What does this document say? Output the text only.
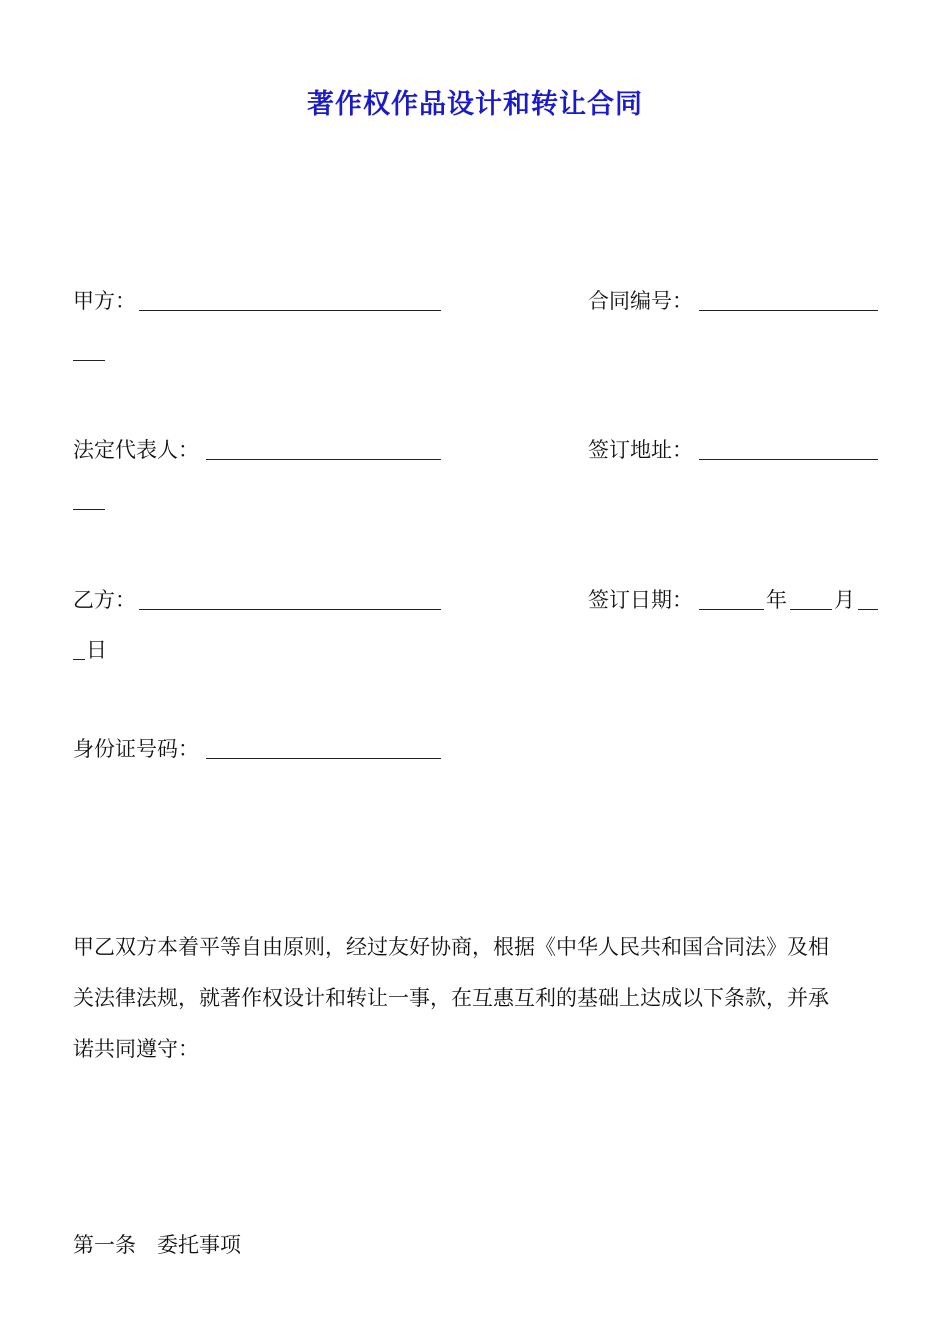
著作权作品设计和转让合同
甲方：	合同编号：
法定代表人：	签订地址：
乙方：	签订日期：	年 月
日
身份证号码：
甲乙双方本着平等自由原则，经过友好协商，根据《中华人民共和国合同法》及相
关法律法规，就著作权设计和转让一事，在互惠互利的基础上达成以下条款，并承
诺共同遵守：
第一条　委托事项
